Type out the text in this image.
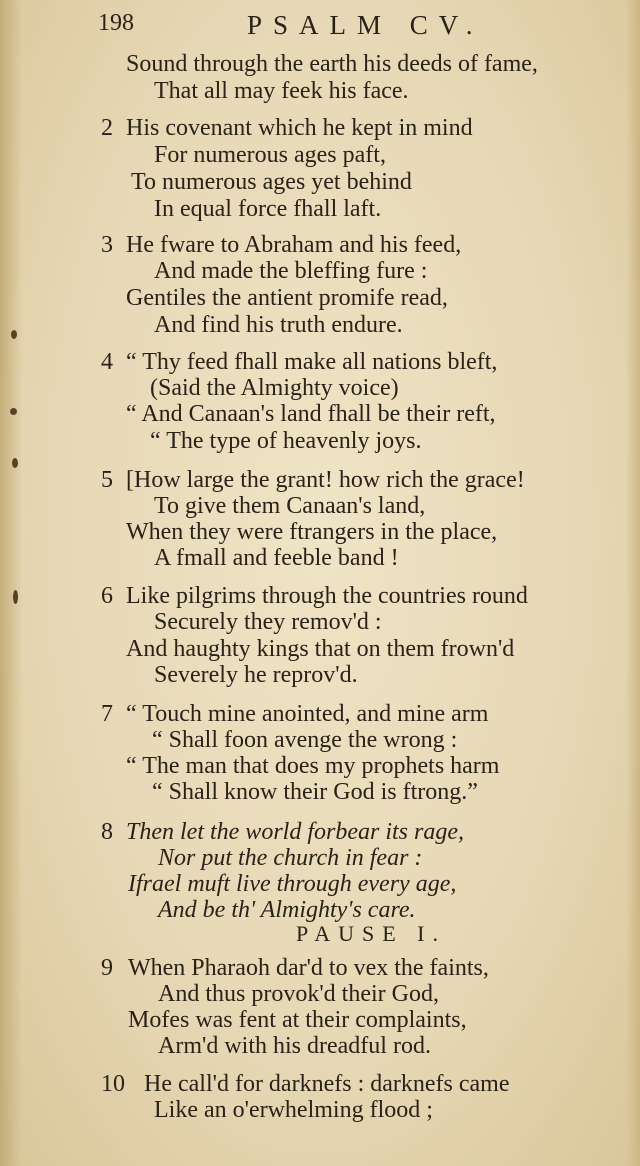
198	PSALM CV.
Sound through the earth his deeds of fame,
That all may feek his face.
2 His covenant which he kept in mind
For numerous ages paft,
To numerous ages yet behind
In equal force fhall laft.
3 He fware to Abraham and his feed,
And made the bleffing fure :
Gentiles the antient promife read,
And find his truth endure.
4 “ Thy feed fhall make all nations bleft,
(Said the Almighty voice)
“ And Canaan's land fhall be their reft,
“ The type of heavenly joys.
5 [How large the grant! how rich the grace!
To give them Canaan's land,
When they were ftrangers in the place,
A fmall and feeble band !
6 Like pilgrims through the countries round
Securely they remov'd :
And haughty kings that on them frown'd
Severely he reprov'd.
7 “ Touch mine anointed, and mine arm
“ Shall foon avenge the wrong :
“ The man that does my prophets harm
“ Shall know their God is ftrong.”
8 Then let the world forbear its rage,
Nor put the church in fear :
Ifrael muft live through every age,
And be th' Almighty's care.
PAUSE I.
9 When Pharaoh dar'd to vex the faints,
And thus provok'd their God,
Mofes was fent at their complaints,
Arm'd with his dreadful rod.
10 He call'd for darknefs : darknefs came
Like an o'erwhelming flood ;
